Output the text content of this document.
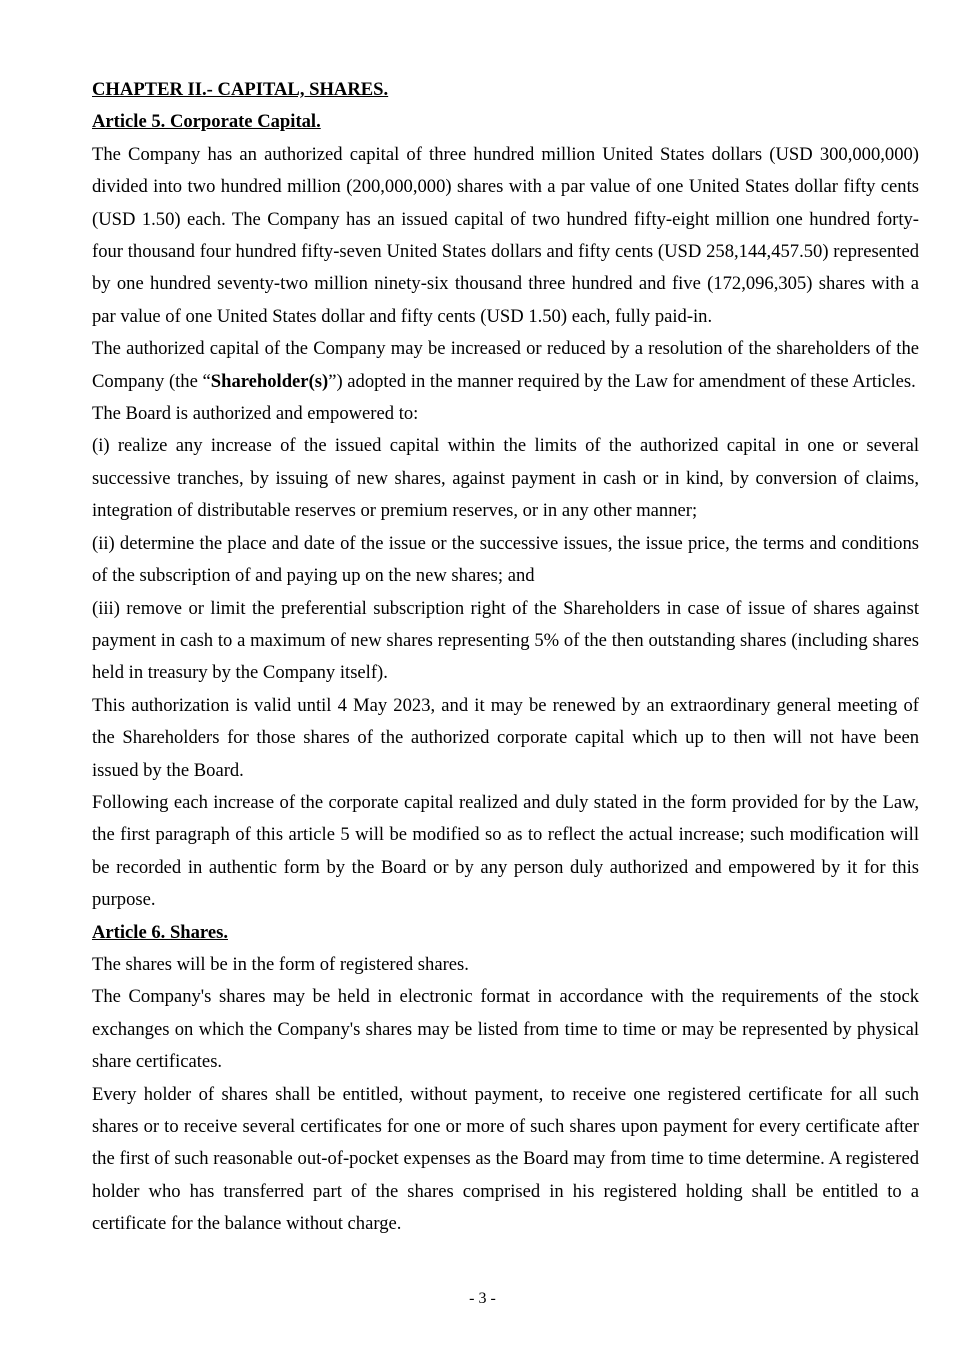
CHAPTER II.- CAPITAL, SHARES.

Article 5. Corporate Capital.

The Company has an authorized capital of three hundred million United States dollars (USD 300,000,000) divided into two hundred million (200,000,000) shares with a par value of one United States dollar fifty cents (USD 1.50) each. The Company has an issued capital of two hundred fifty-eight million one hundred forty-four thousand four hundred fifty-seven United States dollars and fifty cents (USD 258,144,457.50) represented by one hundred seventy-two million ninety-six thousand three hundred and five (172,096,305) shares with a par value of one United States dollar and fifty cents (USD 1.50) each, fully paid-in.

The authorized capital of the Company may be increased or reduced by a resolution of the shareholders of the Company (the “Shareholder(s)”) adopted in the manner required by the Law for amendment of these Articles.

The Board is authorized and empowered to:

(i) realize any increase of the issued capital within the limits of the authorized capital in one or several successive tranches, by issuing of new shares, against payment in cash or in kind, by conversion of claims, integration of distributable reserves or premium reserves, or in any other manner;

(ii) determine the place and date of the issue or the successive issues, the issue price, the terms and conditions of the subscription of and paying up on the new shares; and

(iii) remove or limit the preferential subscription right of the Shareholders in case of issue of shares against payment in cash to a maximum of new shares representing 5% of the then outstanding shares (including shares held in treasury by the Company itself).

This authorization is valid until 4 May 2023, and it may be renewed by an extraordinary general meeting of the Shareholders for those shares of the authorized corporate capital which up to then will not have been issued by the Board.

Following each increase of the corporate capital realized and duly stated in the form provided for by the Law, the first paragraph of this article 5 will be modified so as to reflect the actual increase; such modification will be recorded in authentic form by the Board or by any person duly authorized and empowered by it for this purpose.

Article 6. Shares.

The shares will be in the form of registered shares.

The Company's shares may be held in electronic format in accordance with the requirements of the stock exchanges on which the Company's shares may be listed from time to time or may be represented by physical share certificates.

Every holder of shares shall be entitled, without payment, to receive one registered certificate for all such shares or to receive several certificates for one or more of such shares upon payment for every certificate after the first of such reasonable out-of-pocket expenses as the Board may from time to time determine. A registered holder who has transferred part of the shares comprised in his registered holding shall be entitled to a certificate for the balance without charge.

- 3 -
